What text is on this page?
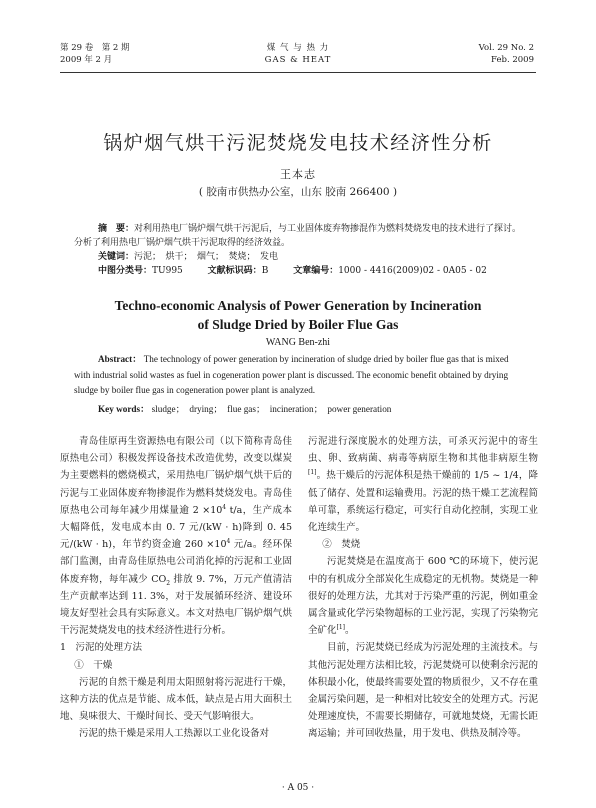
第 29 卷　第 2 期
2009 年 2 月
煤 气 与 热 力
GAS & HEAT
Vol. 29 No. 2
Feb. 2009
锅炉烟气烘干污泥焚烧发电技术经济性分析
王本志
( 胶南市供热办公室，山东 胶南 266400 )
摘　要：对利用热电厂锅炉烟气烘干污泥后，与工业固体废弃物掺混作为燃料焚烧发电的技术进行了探讨。分析了利用热电厂锅炉烟气烘干污泥取得的经济效益。
关键词：污泥；　烘干；　烟气；　焚烧；　发电
中图分类号：TU995	文献标识码：B	文章编号：1000 - 4416(2009)02 - 0A05 - 02
Techno-economic Analysis of Power Generation by Incineration
of Sludge Dried by Boiler Flue Gas
WANG Ben-zhi
Abstract： The technology of power generation by incineration of sludge dried by boiler flue gas that is mixed with industrial solid wastes as fuel in cogeneration power plant is discussed. The economic benefit obtained by drying sludge by boiler flue gas in cogeneration power plant is analyzed.
Key words： sludge；　drying；　flue gas；　incineration；　power generation

青岛佳原再生资源热电有限公司（以下简称青岛佳原热电公司）积极发挥设备技术改造优势，改变以煤炭为主要燃料的燃烧模式，采用热电厂锅炉烟气烘干后的污泥与工业固体废弃物掺混作为燃料焚烧发电。青岛佳原热电公司每年减少用煤量逾 $2 \times 10^4$ t/a，生产成本大幅降低，发电成本由 0. 7 元/(kW · h)降到 0. 45 元/(kW · h)，年节约资金逾 $260 \times 10^4$ 元/a。经环保部门监测，由青岛佳原热电公司消化掉的污泥和工业固体废弃物，每年减少 $CO_2$ 排放 9. 7%，万元产值清洁生产贡献率达到 11. 3%，对于发展循环经济、建设环境友好型社会具有实际意义。本文对热电厂锅炉烟气烘干污泥焚烧发电的技术经济性进行分析。

1　污泥的处理方法
①　干燥

污泥的自然干燥是利用太阳照射将污泥进行干燥，这种方法的优点是节能、成本低，缺点是占用大面积土地、臭味很大、干燥时间长、受天气影响很大。

污泥的热干燥是采用人工热源以工业化设备对

污泥进行深度脱水的处理方法，可杀灭污泥中的寄生虫、卵、致病菌、病毒等病原生物和其他非病原生物[1]。热干燥后的污泥体积是热干燥前的 1/5 ~ 1/4，降低了储存、处置和运输费用。污泥的热干燥工艺流程简单可靠，系统运行稳定，可实行自动化控制，实现工业化连续生产。

②　焚烧

污泥焚烧是在温度高于 600 ℃的环境下，使污泥中的有机成分全部炭化生成稳定的无机物。焚烧是一种很好的处理方法，尤其对于污染严重的污泥，例如重金属含量或化学污染物超标的工业污泥，实现了污染物完全矿化[1]。

目前，污泥焚烧已经成为污泥处理的主流技术。与其他污泥处理方法相比较，污泥焚烧可以使剩余污泥的体积最小化，使最终需要处置的物质很少，又不存在重金属污染问题，是一种相对比较安全的处理方式。污泥处理速度快，不需要长期储存，可就地焚烧，无需长距离运输；并可回收热量，用于发电、供热及制冷等。

· A 05 ·
